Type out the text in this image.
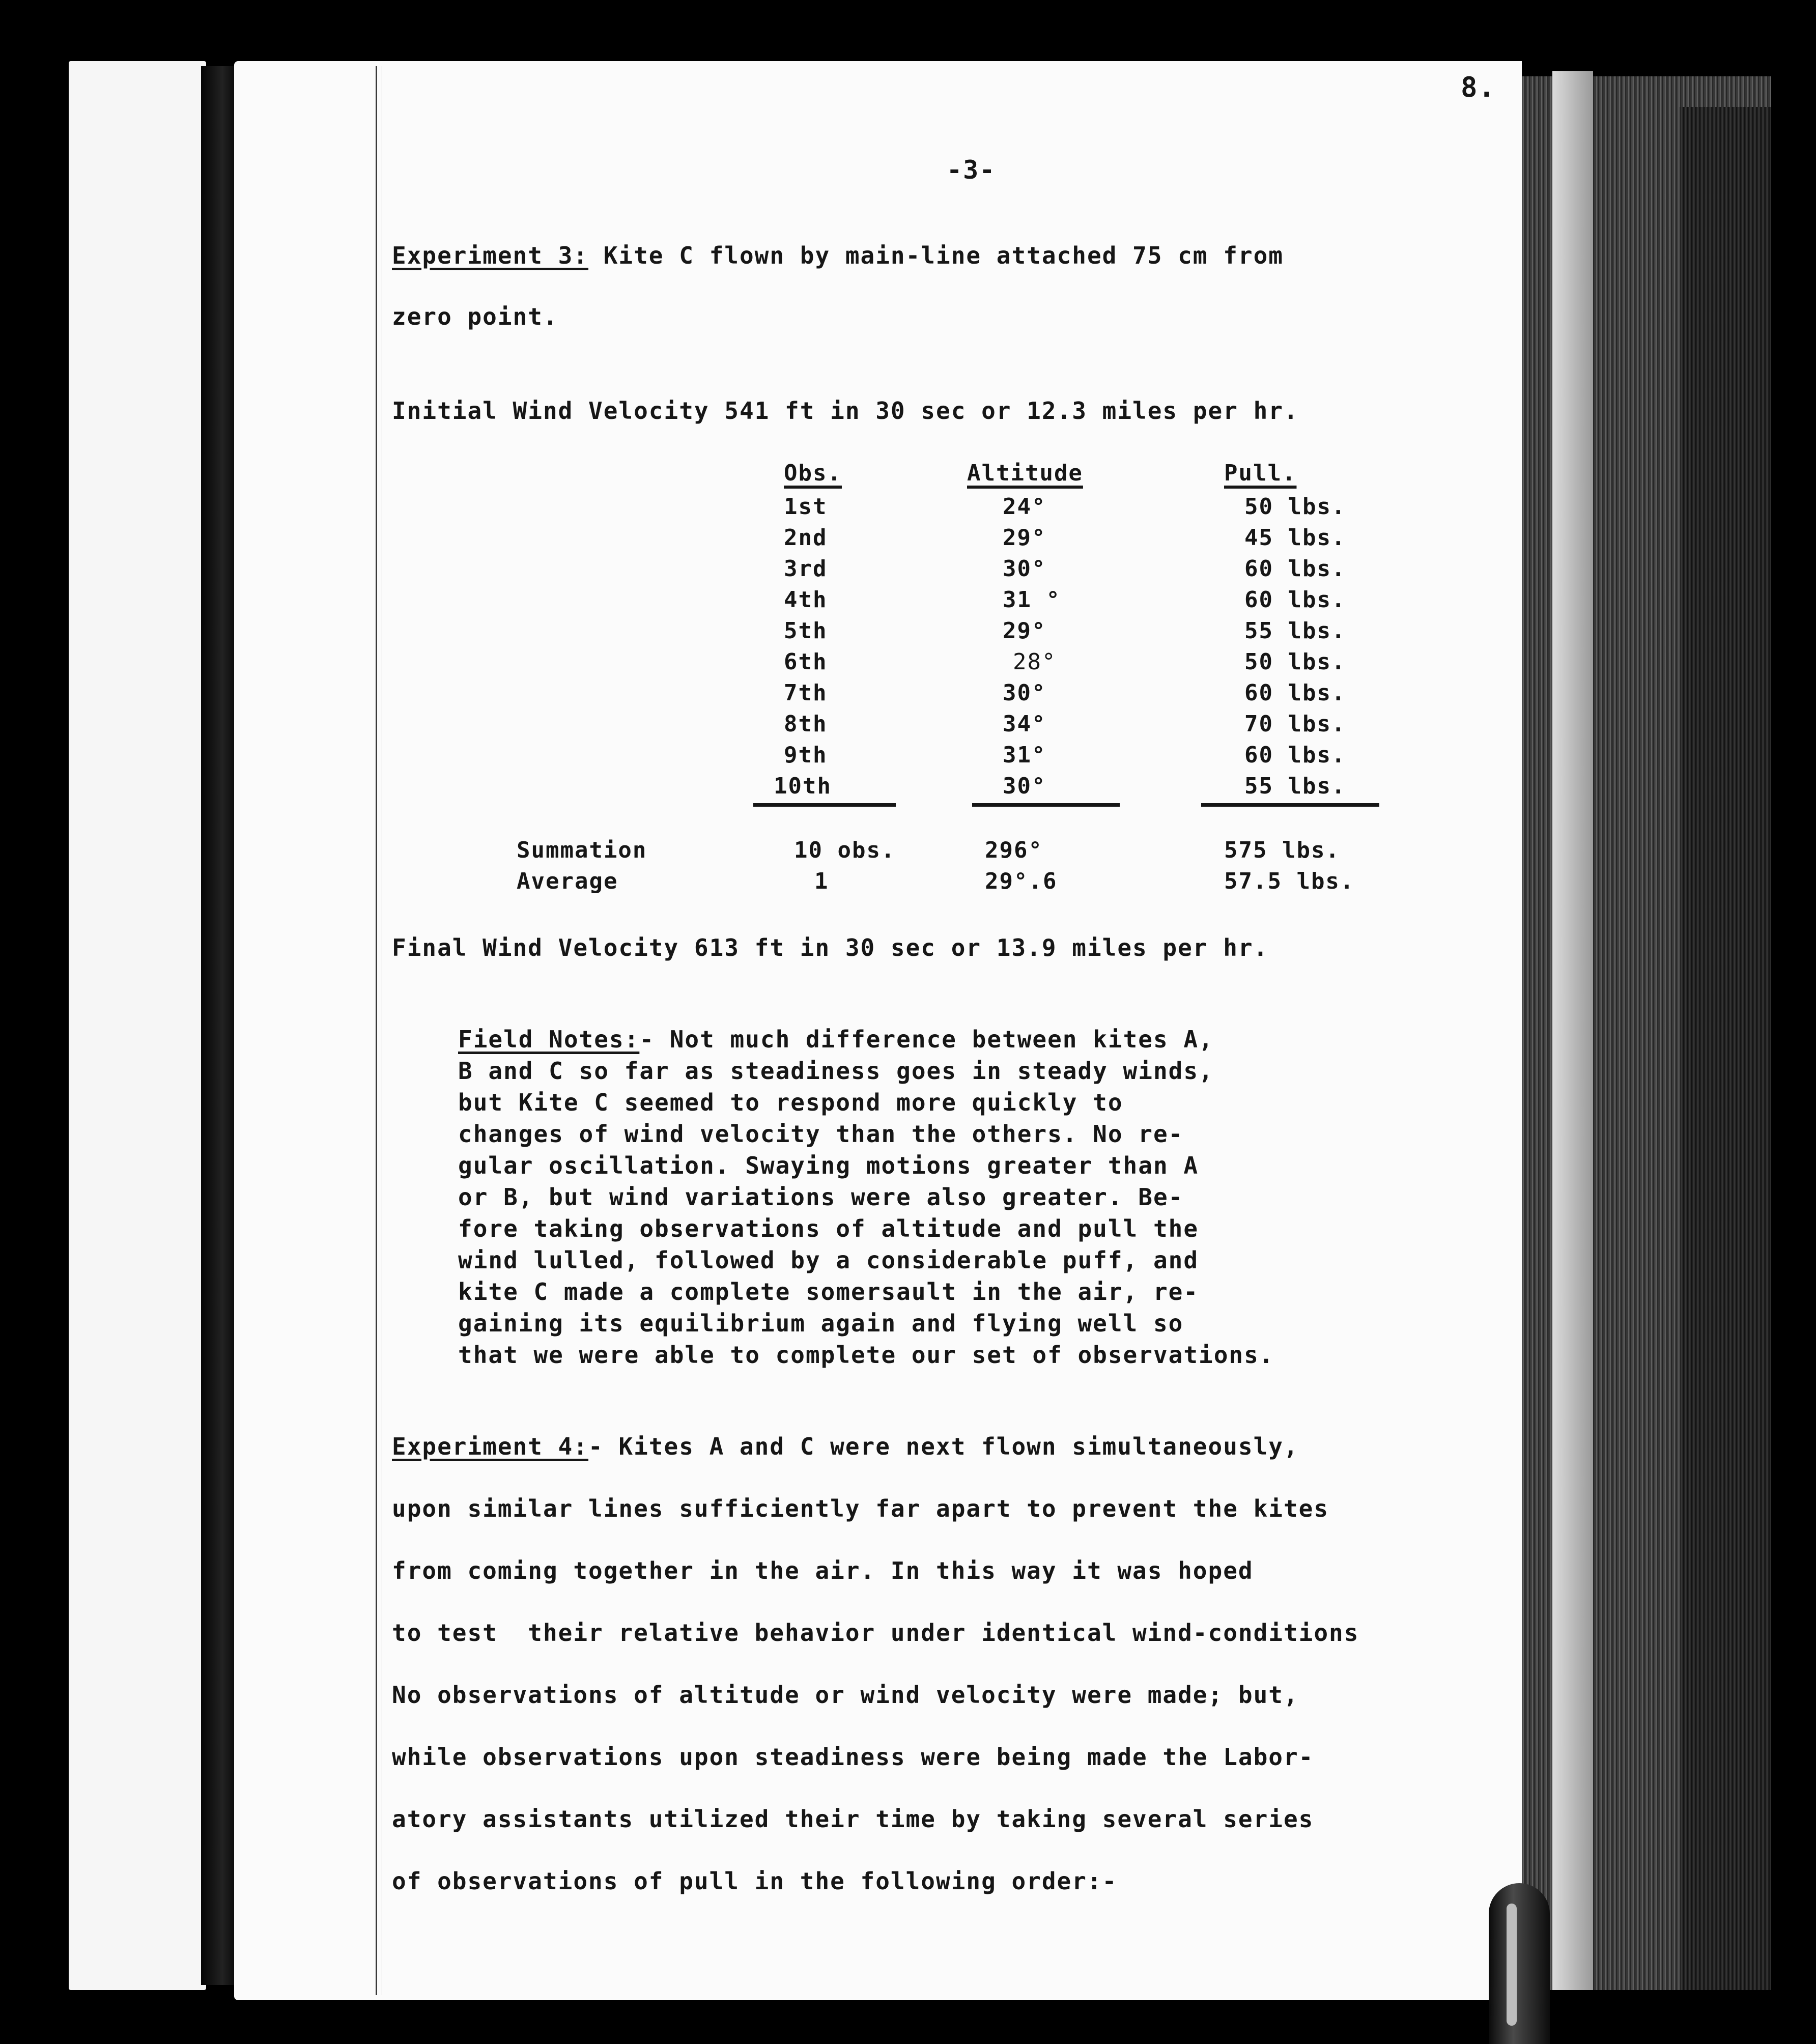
8.
-3-
Experiment 3: Kite C flown by main-line attached 75 cm from
zero point.
Initial Wind Velocity 541 ft in 30 sec or 12.3 miles per hr.
Obs.
1st
2nd
3rd
4th
5th
6th
7th
8th
9th
10th
Altitude
24°
29°
30°
31 °
29°
28°
30°
34°
31°
30°
Pull.
50 lbs.
45 lbs.
60 lbs.
60 lbs.
55 lbs.
50 lbs.
60 lbs.
70 lbs.
60 lbs.
55 lbs.
Summation
Average
10 obs.
1
296°
29°.6
575 lbs.
57.5 lbs.
Final Wind Velocity 613 ft in 30 sec or 13.9 miles per hr.
Field Notes:- Not much difference between kites A,
B and C so far as steadiness goes in steady winds,
but Kite C seemed to respond more quickly to
changes of wind velocity than the others. No re-
gular oscillation. Swaying motions greater than A
or B, but wind variations were also greater. Be-
fore taking observations of altitude and pull the
wind lulled, followed by a considerable puff, and
kite C made a complete somersault in the air, re-
gaining its equilibrium again and flying well so
that we were able to complete our set of observations.
Experiment 4:- Kites A and C were next flown simultaneously,
upon similar lines sufficiently far apart to prevent the kites
from coming together in the air. In this way it was hoped
to test  their relative behavior under identical wind-conditions
No observations of altitude or wind velocity were made; but,
while observations upon steadiness were being made the Labor-
atory assistants utilized their time by taking several series
of observations of pull in the following order:-
